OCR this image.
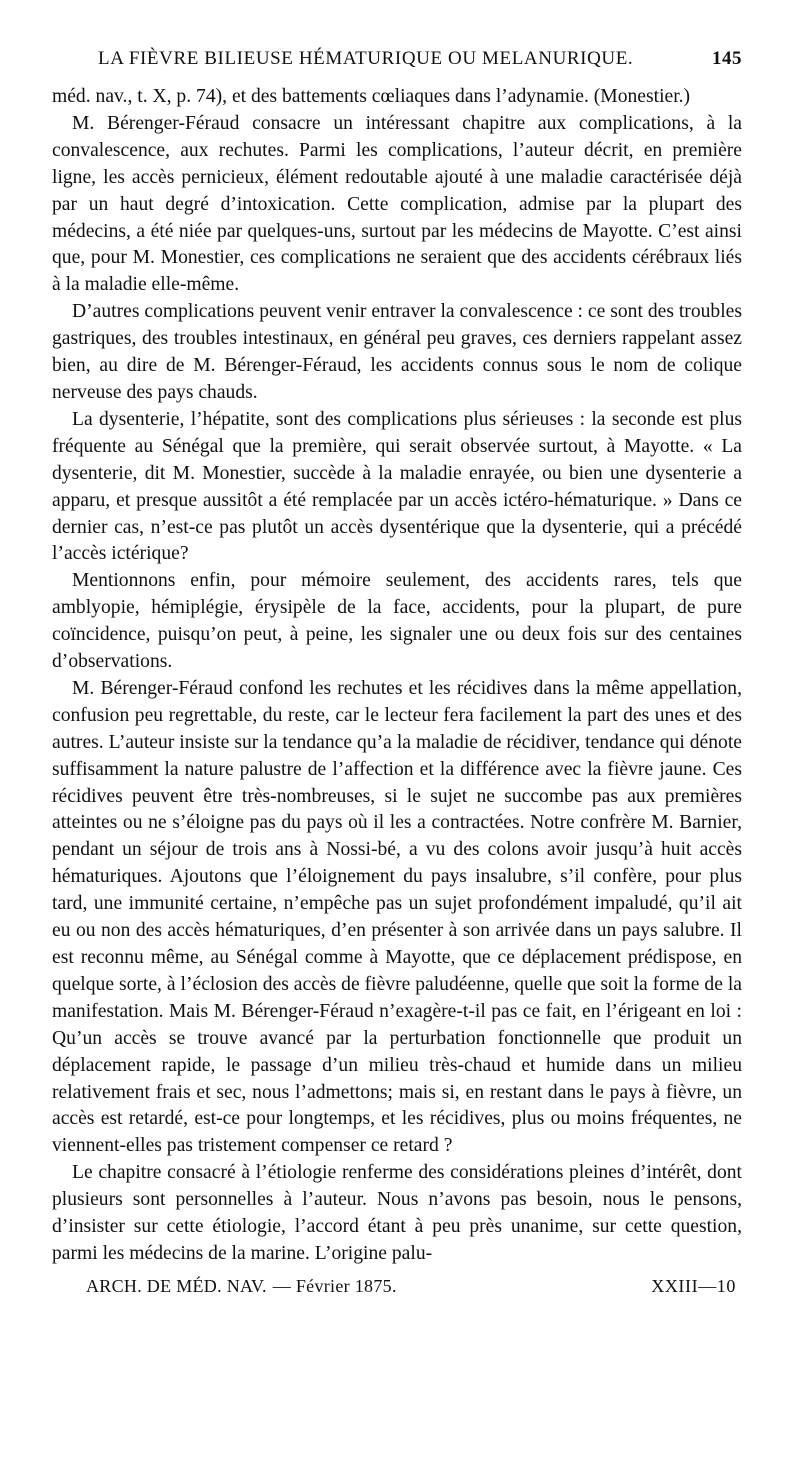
LA FIÈVRE BILIEUSE HÉMATURIQUE OU MELANURIQUE.	145

méd. nav., t. X, p. 74), et des battements cœliaques dans l’adynamie. (Monestier.)

M. Bérenger-Féraud consacre un intéressant chapitre aux complications, à la convalescence, aux rechutes. Parmi les complications, l’auteur décrit, en première ligne, les accès pernicieux, élément redoutable ajouté à une maladie caractérisée déjà par un haut degré d’intoxication. Cette complication, admise par la plupart des médecins, a été niée par quelques-uns, surtout par les médecins de Mayotte. C’est ainsi que, pour M. Monestier, ces complications ne seraient que des accidents cérébraux liés à la maladie elle-même.

D’autres complications peuvent venir entraver la convalescence : ce sont des troubles gastriques, des troubles intestinaux, en général peu graves, ces derniers rappelant assez bien, au dire de M. Bérenger-Féraud, les accidents connus sous le nom de colique nerveuse des pays chauds.

La dysenterie, l’hépatite, sont des complications plus sérieuses : la seconde est plus fréquente au Sénégal que la première, qui serait observée surtout, à Mayotte. « La dysenterie, dit M. Monestier, succède à la maladie enrayée, ou bien une dysenterie a apparu, et presque aussitôt a été remplacée par un accès ictéro-hématurique. » Dans ce dernier cas, n’est-ce pas plutôt un accès dysentérique que la dysenterie, qui a précédé l’accès ictérique?

Mentionnons enfin, pour mémoire seulement, des accidents rares, tels que amblyopie, hémiplégie, érysipèle de la face, accidents, pour la plupart, de pure coïncidence, puisqu’on peut, à peine, les signaler une ou deux fois sur des centaines d’observations.

M. Bérenger-Féraud confond les rechutes et les récidives dans la même appellation, confusion peu regrettable, du reste, car le lecteur fera facilement la part des unes et des autres. L’auteur insiste sur la tendance qu’a la maladie de récidiver, tendance qui dénote suffisamment la nature palustre de l’affection et la différence avec la fièvre jaune. Ces récidives peuvent être très-nombreuses, si le sujet ne succombe pas aux premières atteintes ou ne s’éloigne pas du pays où il les a contractées. Notre confrère M. Barnier, pendant un séjour de trois ans à Nossi-bé, a vu des colons avoir jusqu’à huit accès hématuriques. Ajoutons que l’éloignement du pays insalubre, s’il confère, pour plus tard, une immunité certaine, n’empêche pas un sujet profondément impaludé, qu’il ait eu ou non des accès hématuriques, d’en présenter à son arrivée dans un pays salubre. Il est reconnu même, au Sénégal comme à Mayotte, que ce déplacement prédispose, en quelque sorte, à l’éclosion des accès de fièvre paludéenne, quelle que soit la forme de la manifestation. Mais M. Bérenger-Féraud n’exagère-t-il pas ce fait, en l’érigeant en loi : Qu’un accès se trouve avancé par la perturbation fonctionnelle que produit un déplacement rapide, le passage d’un milieu très-chaud et humide dans un milieu relativement frais et sec, nous l’admettons; mais si, en restant dans le pays à fièvre, un accès est retardé, est-ce pour longtemps, et les récidives, plus ou moins fréquentes, ne viennent-elles pas tristement compenser ce retard ?

Le chapitre consacré à l’étiologie renferme des considérations pleines d’intérêt, dont plusieurs sont personnelles à l’auteur. Nous n’avons pas besoin, nous le pensons, d’insister sur cette étiologie, l’accord étant à peu près unanime, sur cette question, parmi les médecins de la marine. L’origine palu-

ARCH. DE MÉD. NAV. — Février 1875.	XXIII—10
